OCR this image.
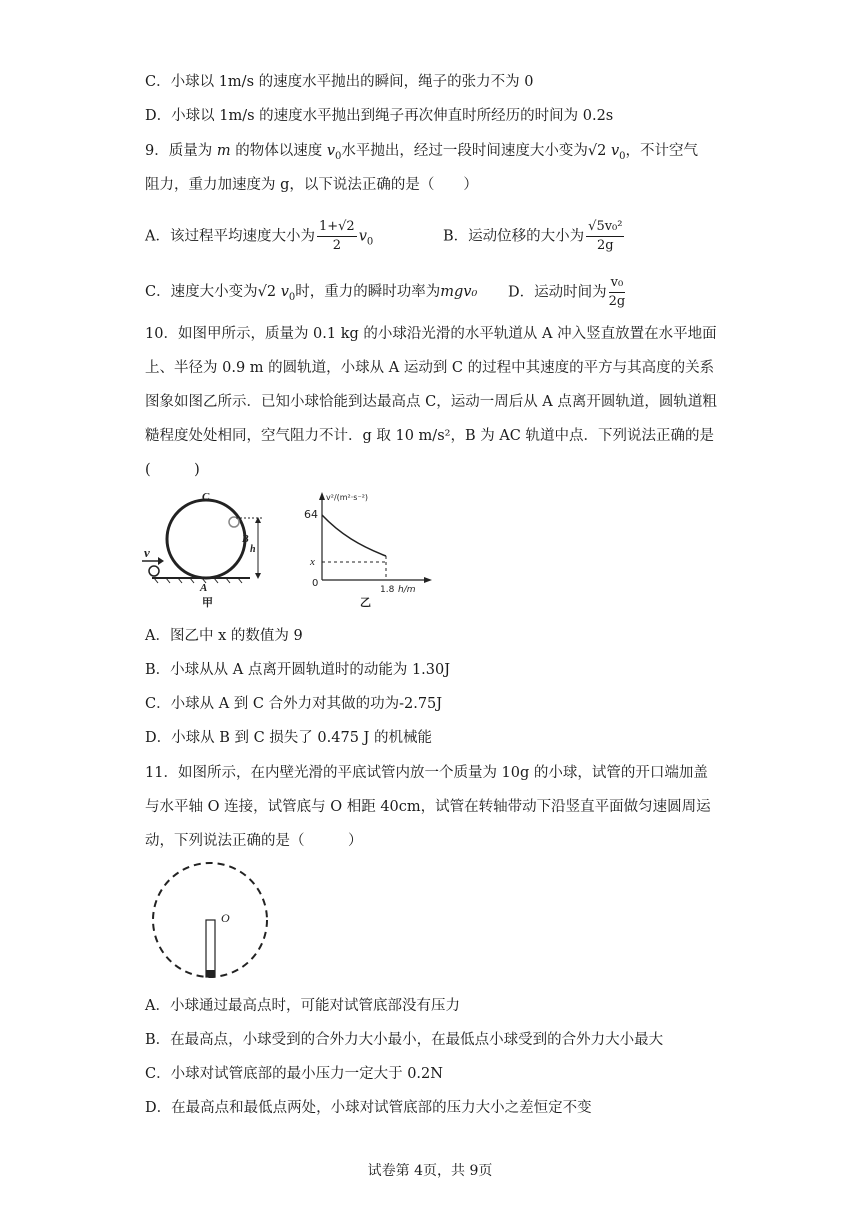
C．小球以 1m/s 的速度水平抛出的瞬间，绳子的张力不为 0
D．小球以 1m/s 的速度水平抛出到绳子再次伸直时所经历的时间为 0.2s
9．质量为 m 的物体以速度 $v_0$水平抛出，经过一段时间速度大小变为√2 $v_0$，不计空气
阻力，重力加速度为 g，以下说法正确的是（　　）
A．该过程平均速度大小为 $\frac{1+√2}{2} v_0$	B．运动位移的大小为 $\frac{\text{√5v₀²}}{2g}$
C．速度大小变为√2 $v_0$时，重力的瞬时功率为mgv₀ D．运动时间为 $\frac{\text{v₀}}{2g}$
10．如图甲所示，质量为 0.1 kg 的小球沿光滑的水平轨道从 A 冲入竖直放置在水平地面上、半径为 0.9 m 的圆轨道，小球从 A 运动到 C 的过程中其速度的平方与其高度的关系图象如图乙所示．已知小球恰能到达最高点 C，运动一周后从 A 点离开圆轨道，圆轨道粗糙程度处处相同，空气阻力不计．g 取 10 m/s²，B 为 AC 轨道中点．下列说法正确的是(　　　)
C
B
h
A
v
甲
v²/(m²·s⁻²)
64
x
0
1.8 h/m
乙
A．图乙中 x 的数值为 9
B．小球从从 A 点离开圆轨道时的动能为 1.30J
C．小球从 A 到 C 合外力对其做的功为-2.75J
D．小球从 B 到 C 损失了 0.475 J 的机械能
11．如图所示，在内壁光滑的平底试管内放一个质量为 10g 的小球，试管的开口端加盖与水平轴 O 连接，试管底与 O 相距 40cm，试管在转轴带动下沿竖直平面做匀速圆周运动，下列说法正确的是（　　　）
O
A．小球通过最高点时，可能对试管底部没有压力
B．在最高点，小球受到的合外力大小最小，在最低点小球受到的合外力大小最大
C．小球对试管底部的最小压力一定大于 0.2N
D．在最高点和最低点两处，小球对试管底部的压力大小之差恒定不变
试卷第 4页，共 9页
